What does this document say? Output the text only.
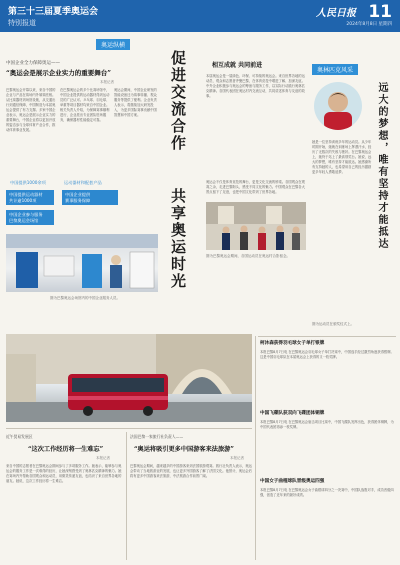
第三十三届夏季奥运会
特别报道
人民日报 11
2024年8月8日 星期四
奥运纵横
中国企业全力保障奥运——
“奥运会是展示企业实力的重要舞台”
本报记者
巴黎奥运会开幕以来，来自中国的企业与产品在赛场内外频频亮相。从比赛器材到场馆设施，从交通出行到通信保障，中国制造为本届奥运会提供了有力支撑。多家中国企业表示，奥运会是展示企业实力的重要舞台，中国企业将以更加开放的姿态参与全球体育产业合作，推动体育事业发展。
在巴黎奥运会的多个比赛场馆中，中国企业提供的运动器材得到运动员的广泛认可。乒乓球、羽毛球、举重等项目器材均来自中国企业。相关负责人介绍，为保障赛事顺利进行，企业派出专业团队驻场服务，确保器材性能稳定可靠。
奥运会期间，中国企业研发的智能设备还为赛事转播、观众服务等提供了便利。企业负责人表示，将继续加大研发投入，为更多国际赛事贡献中国智慧和中国方案。
中国提供1000余项	运动器材和配套产品
中国提供运动器材
共计逾1000项
中国企业参与服务
巴黎奥运会场馆
中国企业提供
赛事服务保障
图为巴黎奥运会场馆内的中国企业服务人员。
促进交流合作
共享奥运时光
相互成就 共同前进
本届奥运会是一届绿色、环保、可持续的奥运会。来自世界各地的运动员、观众和志愿者齐聚巴黎，在体育竞技中增进了解、加深友谊。中外企业积极参与奥运会的筹备与服务工作，以实际行动践行奥林匹克精神。各国代表团在奥运村内交流互动，共同讲述体育与友谊的故事。
奥运会不仅是体育竞技的舞台，更是文化交流的桥梁。各国观众在观赛之余，走进巴黎街头，感受不同文化的魅力。中国观众在巴黎各大景点留下了足迹，也把中国文化带到了世界各地。
图为巴黎奥运会期间，各国运动员在奥运村合影留念。
奥林匹克风采
远大的梦想，唯有坚持才能抵达
她是一位坚持训练多年的运动员。从少年时期开始，她就在训练场上挥洒汗水，经历了无数次的失败与挫折。在巴黎奥运会上，她终于站上了最高领奖台。她说，远大的梦想，唯有坚持才能抵达。她感谢所有支持她的人，也希望用自己的经历激励更多年轻人勇敢追梦。
图为运动员在颁奖仪式上。
柯沐森获得羽毛球女子单打银牌
本报巴黎8月7日电 在巴黎奥运会羽毛球女子单打决赛中，中国选手经过激烈角逐获得银牌。这是中国羽毛球队在本届奥运会上获得的又一枚奖牌。
中国飞碟队获双向飞碟团体铜牌
本报巴黎8月7日电 在巴黎奥运会射击项目比赛中，中国飞碟队发挥出色，获得团体铜牌，为中国代表团再添一枚奖牌。
中国女子曲棍球队晋级奥运四强
本报巴黎8月7日电 在巴黎奥运会女子曲棍球四分之一决赛中，中国队战胜对手，成功晋级四强，创造了近年来的最好成绩。
近午贸易发展区
“这次工作经历将一生难忘”
本报记者
来自中国的志愿者在巴黎奥运会期间参与了多项服务工作。她表示，能够参与奥运会的服务工作是一次难得的经历，让她深刻感受到了奥林匹克精神的魅力。她在赛场内外帮助各国观众和运动员，用微笑传递友谊，也结识了来自世界各地的朋友。她说，这次工作经历将一生难忘。
法国巴黎一家旅行社负责人——
“奥运将吸引更多中国游客来法旅游”
本报记者
巴黎奥运会期间，越来越多的中国游客来到法国旅游观赛。旅行社负责人表示，奥运会带动了当地旅游业的发展，也让更多外国游客了解了法国文化。他预计，奥运会后将有更多中国游客来法旅游，中法旅游合作前景广阔。
